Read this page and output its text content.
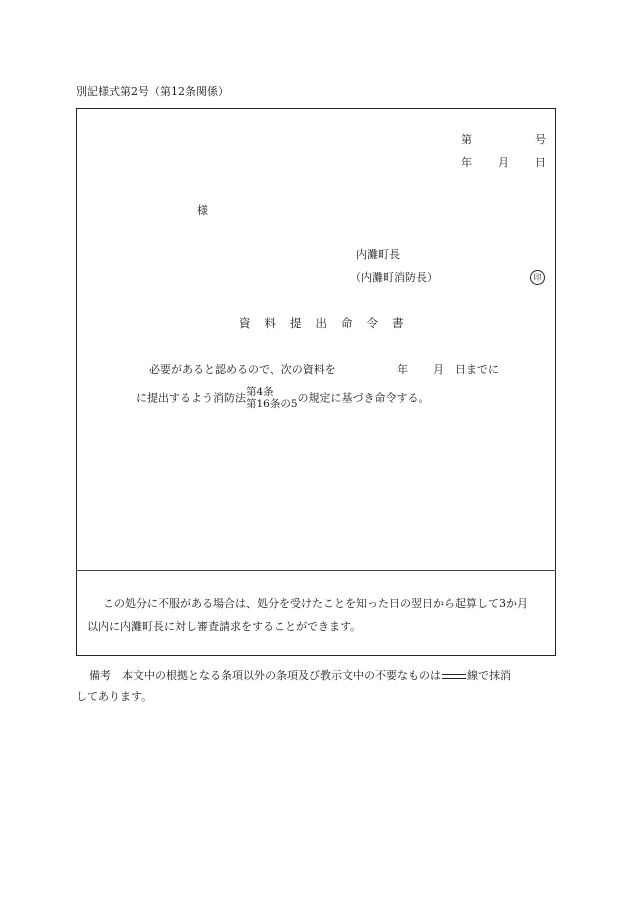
別記様式第2号（第12条関係）
第	号
年 月 日
様
内灘町長
（内灘町消防長）	印
資 料 提 出 命 令 書
必要があると認めるので、次の資料を	年 月 日までに
に提出するよう消防法 第4条
第16条の5 の規定に基づき命令する。
この処分に不服がある場合は、処分を受けたことを知った日の翌日から起算して3か月
以内に内灘町長に対し審査請求をすることができます。
備考 本文中の根拠となる条項以外の条項及び教示文中の不要なものは 線で抹消
してあります。
